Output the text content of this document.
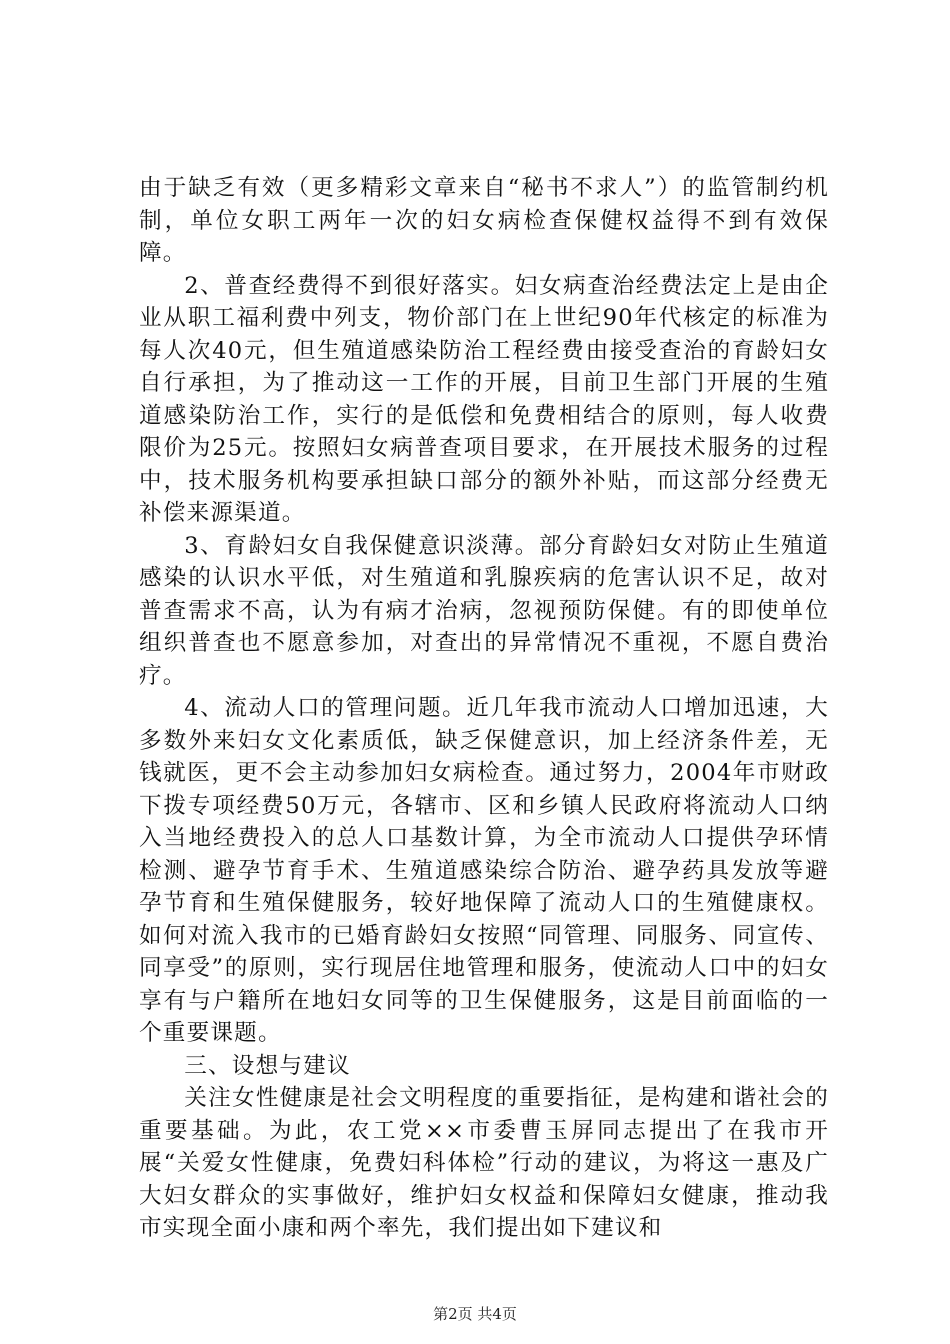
由于缺乏有效（更多精彩文章来自“秘书不求人”）的监管制约机制，单位女职工两年一次的妇女病检查保健权益得不到有效保障。

2、普查经费得不到很好落实。妇女病查治经费法定上是由企业从职工福利费中列支，物价部门在上世纪90年代核定的标准为每人次40元，但生殖道感染防治工程经费由接受查治的育龄妇女自行承担，为了推动这一工作的开展，目前卫生部门开展的生殖道感染防治工作，实行的是低偿和免费相结合的原则，每人收费限价为25元。按照妇女病普查项目要求，在开展技术服务的过程中，技术服务机构要承担缺口部分的额外补贴，而这部分经费无补偿来源渠道。

3、育龄妇女自我保健意识淡薄。部分育龄妇女对防止生殖道感染的认识水平低，对生殖道和乳腺疾病的危害认识不足，故对普查需求不高，认为有病才治病，忽视预防保健。有的即使单位组织普查也不愿意参加，对查出的异常情况不重视，不愿自费治疗。

4、流动人口的管理问题。近几年我市流动人口增加迅速，大多数外来妇女文化素质低，缺乏保健意识，加上经济条件差，无钱就医，更不会主动参加妇女病检查。通过努力，2004年市财政下拨专项经费50万元，各辖市、区和乡镇人民政府将流动人口纳入当地经费投入的总人口基数计算，为全市流动人口提供孕环情检测、避孕节育手术、生殖道感染综合防治、避孕药具发放等避孕节育和生殖保健服务，较好地保障了流动人口的生殖健康权。如何对流入我市的已婚育龄妇女按照“同管理、同服务、同宣传、同享受”的原则，实行现居住地管理和服务，使流动人口中的妇女享有与户籍所在地妇女同等的卫生保健服务，这是目前面临的一个重要课题。

三、设想与建议

关注女性健康是社会文明程度的重要指征，是构建和谐社会的重要基础。为此，农工党××市委曹玉屏同志提出了在我市开展“关爱女性健康，免费妇科体检”行动的建议，为将这一惠及广大妇女群众的实事做好，维护妇女权益和保障妇女健康，推动我市实现全面小康和两个率先，我们提出如下建议和

第2页 共4页
